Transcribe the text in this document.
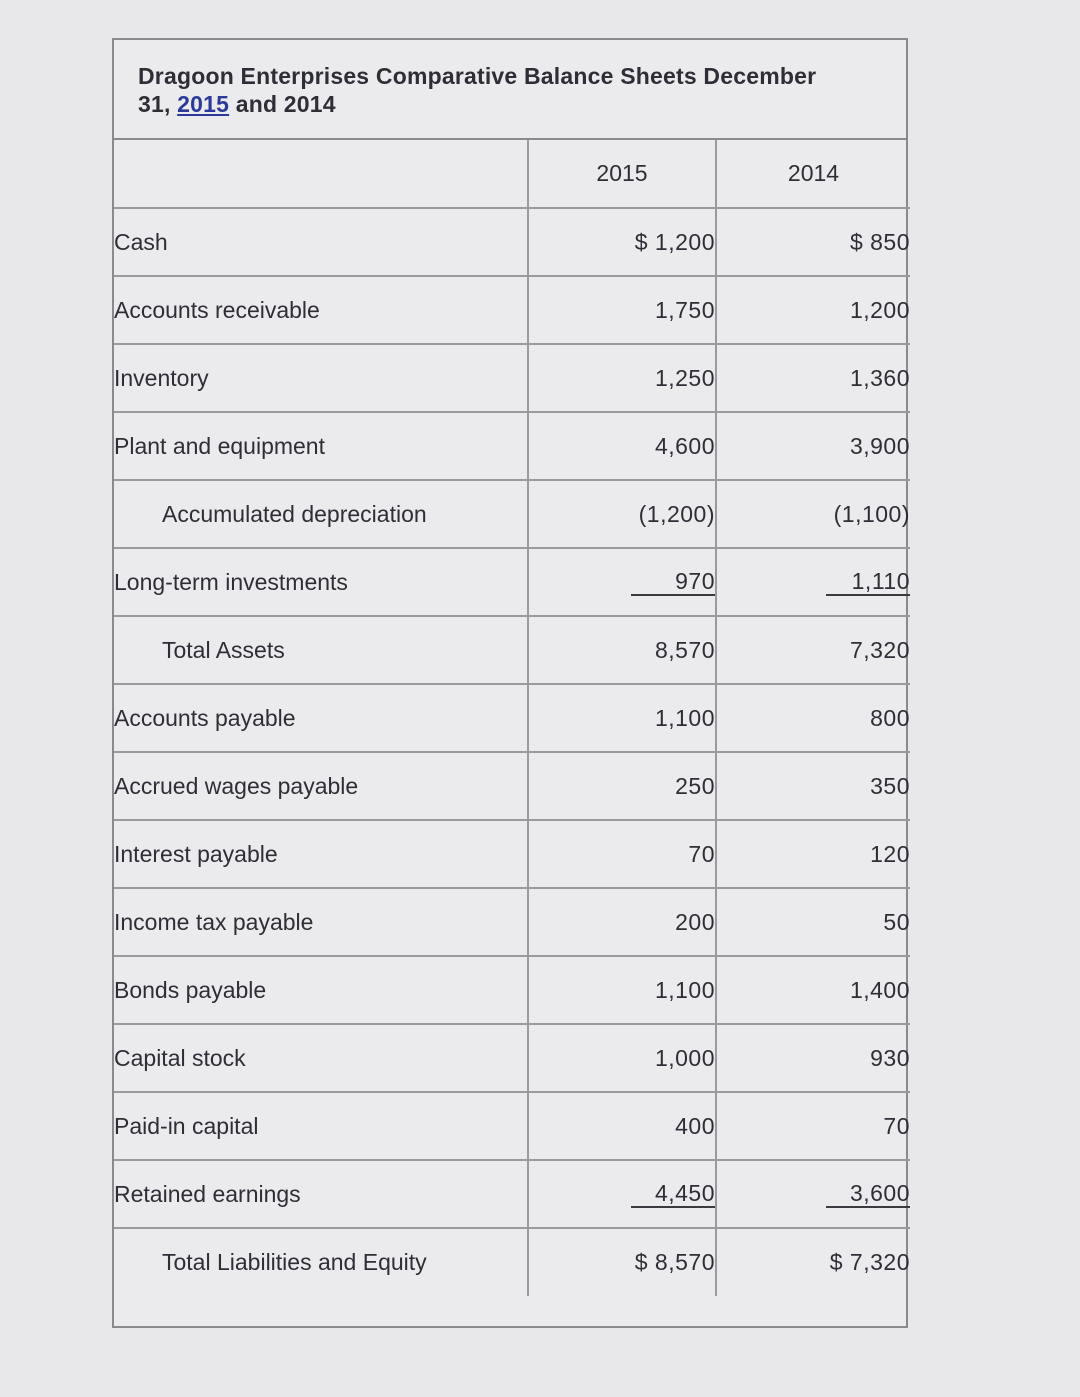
Dragoon Enterprises Comparative Balance Sheets December
31, 2015 and 2014
	2015	2014
Cash	$ 1,200	$ 850
Accounts receivable	1,750	1,200
Inventory	1,250	1,360
Plant and equipment	4,600	3,900
Accumulated depreciation	(1,200)	(1,100)
Long-term investments	970	1,110
Total Assets	8,570	7,320
Accounts payable	1,100	800
Accrued wages payable	250	350
Interest payable	70	120
Income tax payable	200	50
Bonds payable	1,100	1,400
Capital stock	1,000	930
Paid-in capital	400	70
Retained earnings	4,450	3,600
Total Liabilities and Equity	$ 8,570	$ 7,320
